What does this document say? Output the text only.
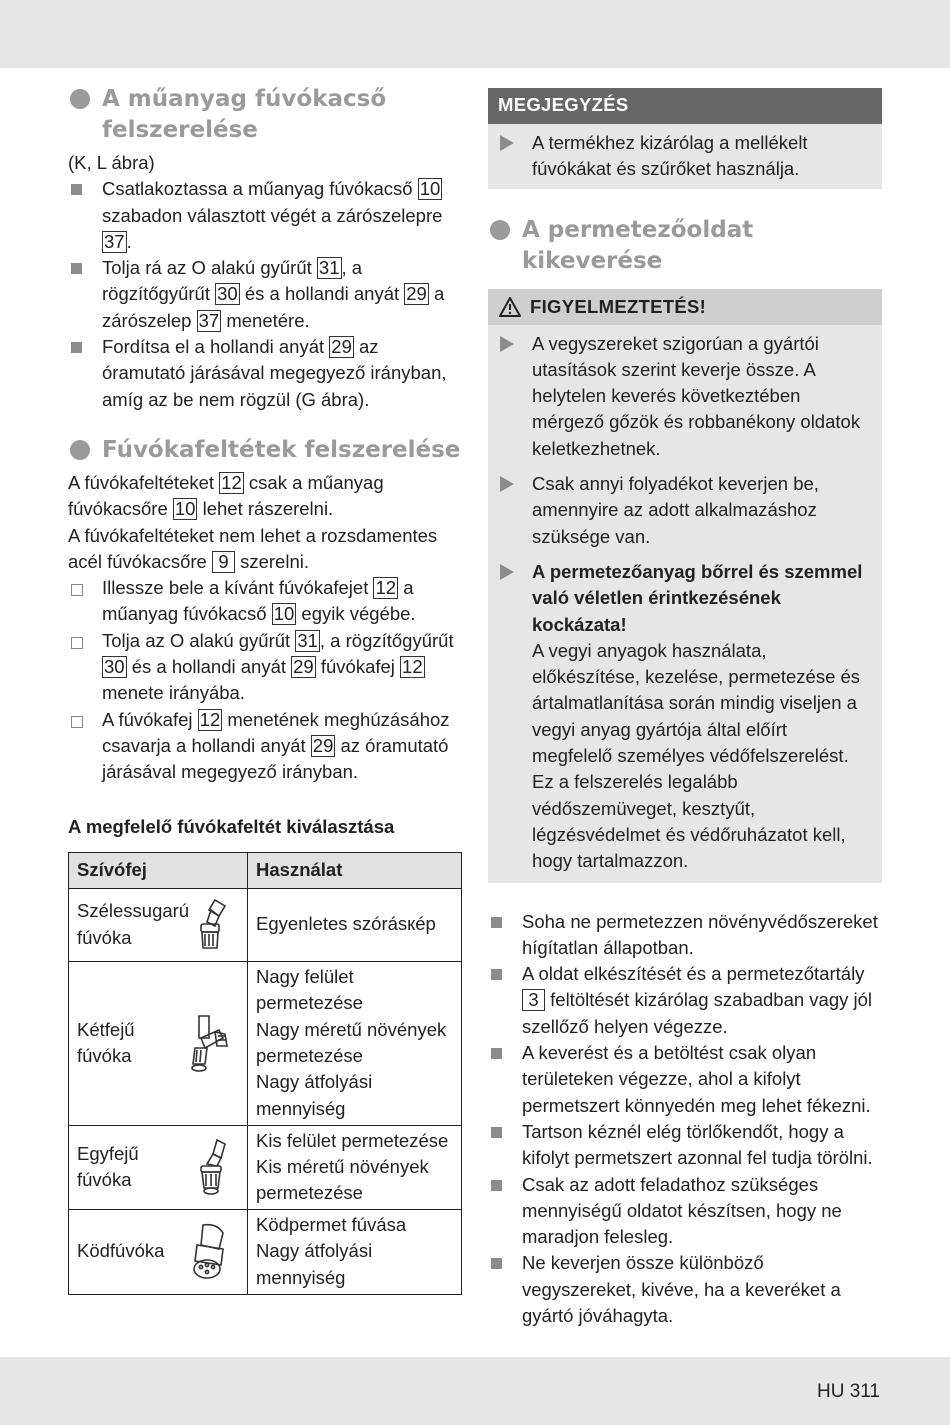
A műanyag fúvókacső felszerelése

(K, L ábra)

Csatlakoztassa a műanyag fúvókacső 10 szabadon választott végét a zárószelepre 37 .
Tolja rá az O alakú gyűrűt 31 , a rögzítőgyűrűt 30 és a hollandi anyát 29 a zárószelep 37 menetére.
Fordítsa el a hollandi anyát 29 az óramutató járásával megegyező irányban, amíg az be nem rögzül (G ábra).
Fúvókafeltétek felszerelése

A fúvókafeltéteket 12 csak a műanyag fúvókacsőre 10 lehet rászerelni.

A fúvókafeltéteket nem lehet a rozsdamentes acél fúvókacsőre 9 szerelni.

Illessze bele a kívánt fúvókafejet 12 a műanyag fúvókacső 10 egyik végébe.
Tolja az O alakú gyűrűt 31 , a rögzítőgyűrűt 30 és a hollandi anyát 29 fúvókafej 12 menete irányába.
A fúvókafej 12 menetének meghúzásához csavarja a hollandi anyát 29 az óramutató járásával megegyező irányban.
A megfelelő fúvókafeltét kiválasztása
Szívófej	Használat

Szélessugarú fúvóka	Egyenletes szórásкép

Kétfejű fúvóka	Nagy felület permetezése
Nagy méretű növények permetezése
Nagy átfolyási mennyiség

Egyfejű fúvóka	Kis felület permetezése
Kis méretű növények permetezése

Ködfúvóka	Ködpermet fúvása
Nagy átfolyási mennyiség
MEGJEGYZÉS
A termékhez kizárólag a mellékelt fúvókákat és szűrőket használja.
A permetezőoldat kikeverése
FIGYELMEZTETÉS!
A vegyszereket szigorúan a gyártói utasítások szerint keverje össze. A helytelen keverés következtében mérgező gőzök és robbanékony oldatok keletkezhetnek.
Csak annyi folyadékot keverjen be, amennyire az adott alkalmazáshoz szüksége van.
A permetezőanyag bőrrel és szemmel való véletlen érintkezésének kockázata!
A vegyi anyagok használata, előkészítése, kezelése, permetezése és ártalmatlanítása során mindig viseljen a vegyi anyag gyártója által előírt megfelelő személyes védőfelszerelést. Ez a felszerelés legalább védőszemüveget, kesztyűt, légzésvédelmet és védőruházatot kell, hogy tartalmazzon.
Soha ne permetezzen növényvédőszereket hígítatlan állapotban.
A oldat elkészítését és a permetezőtartály 3 feltöltését kizárólag szabadban vagy jól szellőző helyen végezze.
A keverést és a betöltést csak olyan területeken végezze, ahol a kifolyt permetszert könnyedén meg lehet fékezni.
Tartson kéznél elég törlőkendőt, hogy a kifolyt permetszert azonnal fel tudja törölni.
Csak az adott feladathoz szükséges mennyiségű oldatot készítsen, hogy ne maradjon felesleg.
Ne keverjen össze különböző vegyszereket, kivéve, ha a keveréket a gyártó jóváhagyta.
HU 311
